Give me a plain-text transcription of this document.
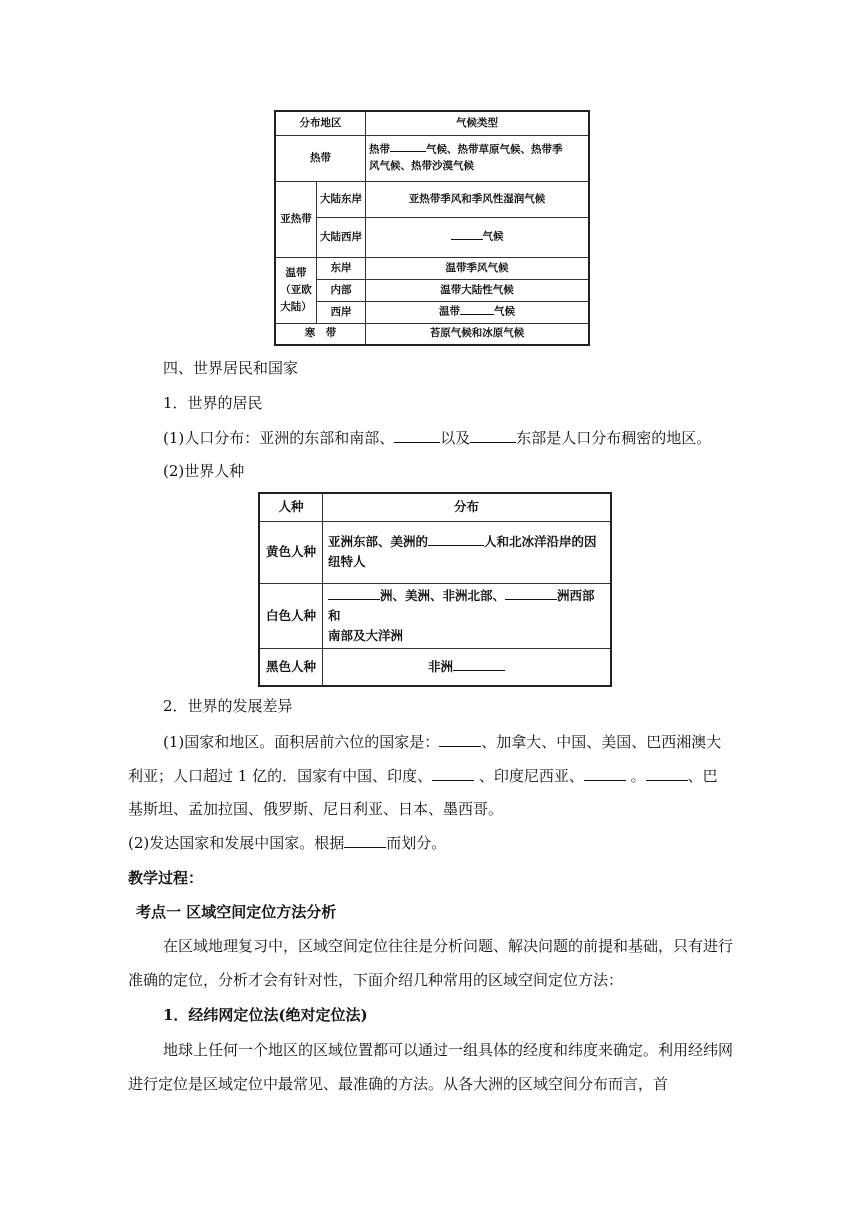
分布地区		气候类型
热带		热带 气候、热带草原气候、热带季
风气候、热带沙漠气候
亚热带	大陆东岸	亚热带季风和季风性湿润气候
	大陆西岸	气候
温带
（亚欧
大陆）	东岸	温带季风气候
	内部	温带大陆性气候
	西岸	温带 气候
寒　带		苔原气候和冰原气候
四、世界居民和国家
1．世界的居民
(1)人口分布：亚洲的东部和南部、	以及	东部是人口分布稠密的地区。
(2)世界人种
人种	分布
黄色人种	亚洲东部、美洲的 人和北冰洋沿岸的因
纽特人
白色人种	洲、美洲、非洲北部、 洲西部和
南部及大洋洲
黑色人种	非洲
2．世界的发展差异
(1)国家和地区。面积居前六位的国家是：	、加拿大、中国、美国、巴西湘澳大
利亚；人口超过 1 亿的．国家有中国、印度、	、印度尼西亚、	。	、巴
基斯坦、孟加拉国、俄罗斯、尼日利亚、日本、墨西哥。
(2)发达国家和发展中国家。根据	而划分。
教学过程：
考点一 区域空间定位方法分析
在区域地理复习中，区域空间定位往往是分析问题、解决问题的前提和基础，只有进行
准确的定位，分析才会有针对性，下面介绍几种常用的区域空间定位方法：
1．经纬网定位法(绝对定位法)
地球上任何一个地区的区域位置都可以通过一组具体的经度和纬度来确定。利用经纬网
进行定位是区域定位中最常见、最准确的方法。从各大洲的区域空间分布而言，首
